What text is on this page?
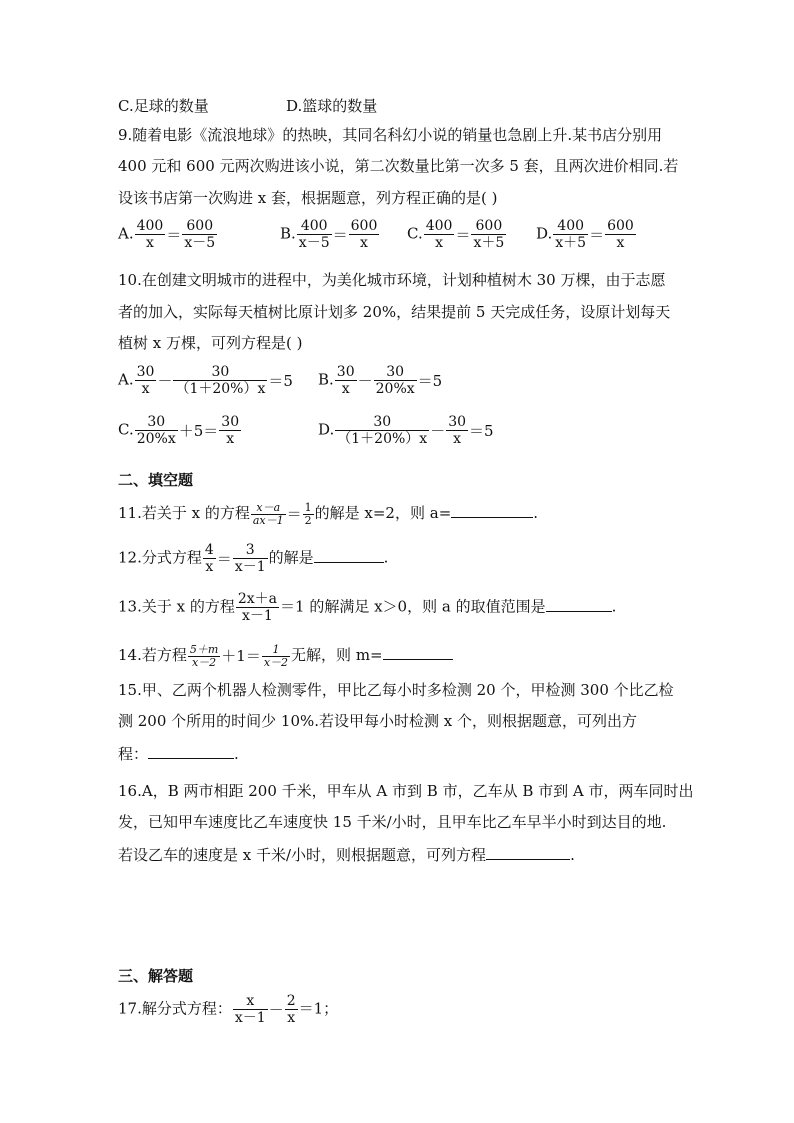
C.足球的数量	D.篮球的数量
9.随着电影《流浪地球》的热映，其同名科幻小说的销量也急剧上升.某书店分别用
400 元和 600 元两次购进该小说，第二次数量比第一次多 5 套，且两次进价相同.若
设该书店第一次购进 x 套，根据题意，列方程正确的是( )
A. $\frac{400}{x} = \frac{600}{x-5}$	B. $\frac{400}{x-5} = \frac{600}{x} C$. $\frac{400}{x} = \frac{600}{x+5} D$. $\frac{400}{x+5} = \frac{600}{x}$
10.在创建文明城市的进程中，为美化城市环境，计划种植树木 30 万棵，由于志愿
者的加入，实际每天植树比原计划多 20%，结果提前 5 天完成任务，设原计划每天
植树 x 万棵，可列方程是( )
A. $\frac{30}{x} - \frac{30}{(1+20\%)x} =5$ B. $\frac{30}{x} - \frac{30}{20\%x} =5$
C. $\frac{30}{20\%x} +5= \frac{30}{x}$	D. $\frac{30}{(1+20\%)x} - \frac{30}{x} =5$
二、填空题
11.若关于 x 的方程 $\frac{x-a}{ax-1} = \frac{1}{2}$ 的解是 x=2，则 a=	.
12.分式方程 $\frac{4}{x} = \frac{3}{x-1}$ 的解是	.
13.关于 x 的方程 $\frac{2x+a}{x-1} =1$ 的解满足 x＞0，则 a 的取值范围是	.
14.若方程 $\frac{5+m}{x-2} +1= \frac{1}{x-2}$ 无解，则 m=
15.甲、乙两个机器人检测零件，甲比乙每小时多检测 20 个，甲检测 300 个比乙检
测 200 个所用的时间少 10%.若设甲每小时检测 x 个，则根据题意，可列出方
程：	.
16.A，B 两市相距 200 千米，甲车从 A 市到 B 市，乙车从 B 市到 A 市，两车同时出
发，已知甲车速度比乙车速度快 15 千米/小时，且甲车比乙车早半小时到达目的地.
若设乙车的速度是 x 千米/小时，则根据题意，可列方程	.
三、解答题
17.解分式方程： $\frac{x}{x-1} - \frac{2}{x} =1$；
